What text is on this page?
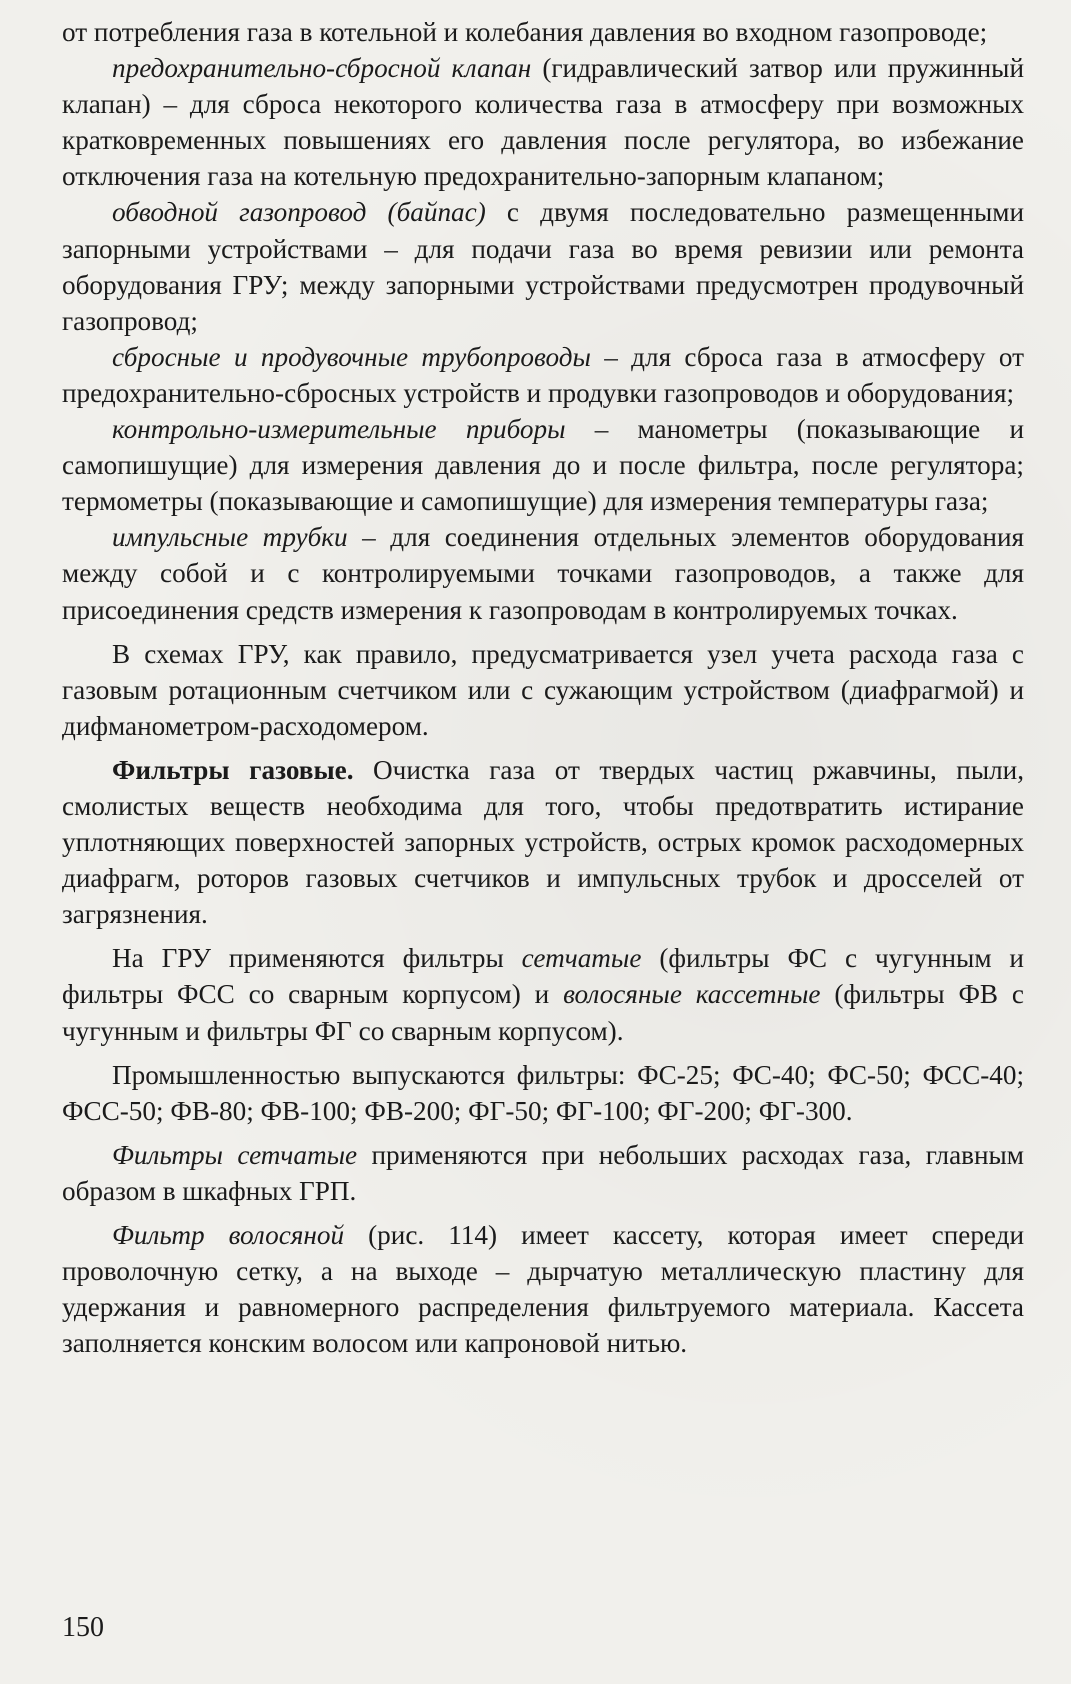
от потребления газа в котельной и колебания давления во входном газопроводе;

предохранительно-сбросной клапан (гидравлический затвор или пружинный клапан) – для сброса некоторого количества газа в атмосферу при возможных кратковременных повышениях его давления после регулятора, во избежание отключения газа на котельную предохранительно-запорным клапаном;

обводной газопровод (байпас) с двумя последовательно размещенными запорными устройствами – для подачи газа во время ревизии или ремонта оборудования ГРУ; между запорными устройствами предусмотрен продувочный газопровод;

сбросные и продувочные трубопроводы – для сброса газа в атмосферу от предохранительно-сбросных устройств и продувки газопроводов и оборудования;

контрольно-измерительные приборы – манометры (показывающие и самопишущие) для измерения давления до и после фильтра, после регулятора; термометры (показывающие и самопишущие) для измерения температуры газа;

импульсные трубки – для соединения отдельных элементов оборудования между собой и с контролируемыми точками газопроводов, а также для присоединения средств измерения к газопроводам в контролируемых точках.

В схемах ГРУ, как правило, предусматривается узел учета расхода газа с газовым ротационным счетчиком или с сужающим устройством (диафрагмой) и дифманометром-расходомером.

Фильтры газовые. Очистка газа от твердых частиц ржавчины, пыли, смолистых веществ необходима для того, чтобы предотвратить истирание уплотняющих поверхностей запорных устройств, острых кромок расходомерных диафрагм, роторов газовых счетчиков и импульсных трубок и дросселей от загрязнения.

На ГРУ применяются фильтры сетчатые (фильтры ФС с чугунным и фильтры ФСС со сварным корпусом) и волосяные кассетные (фильтры ФВ с чугунным и фильтры ФГ со сварным корпусом).

Промышленностью выпускаются фильтры: ФС-25; ФС-40; ФС-50; ФСС-40; ФСС-50; ФВ-80; ФВ-100; ФВ-200; ФГ-50; ФГ-100; ФГ-200; ФГ-300.

Фильтры сетчатые применяются при небольших расходах газа, главным образом в шкафных ГРП.

Фильтр волосяной (рис. 114) имеет кассету, которая имеет спереди проволочную сетку, а на выходе – дырчатую металлическую пластину для удержания и равномерного распределения фильтруемого материала. Кассета заполняется конским волосом или капроновой нитью.

150
